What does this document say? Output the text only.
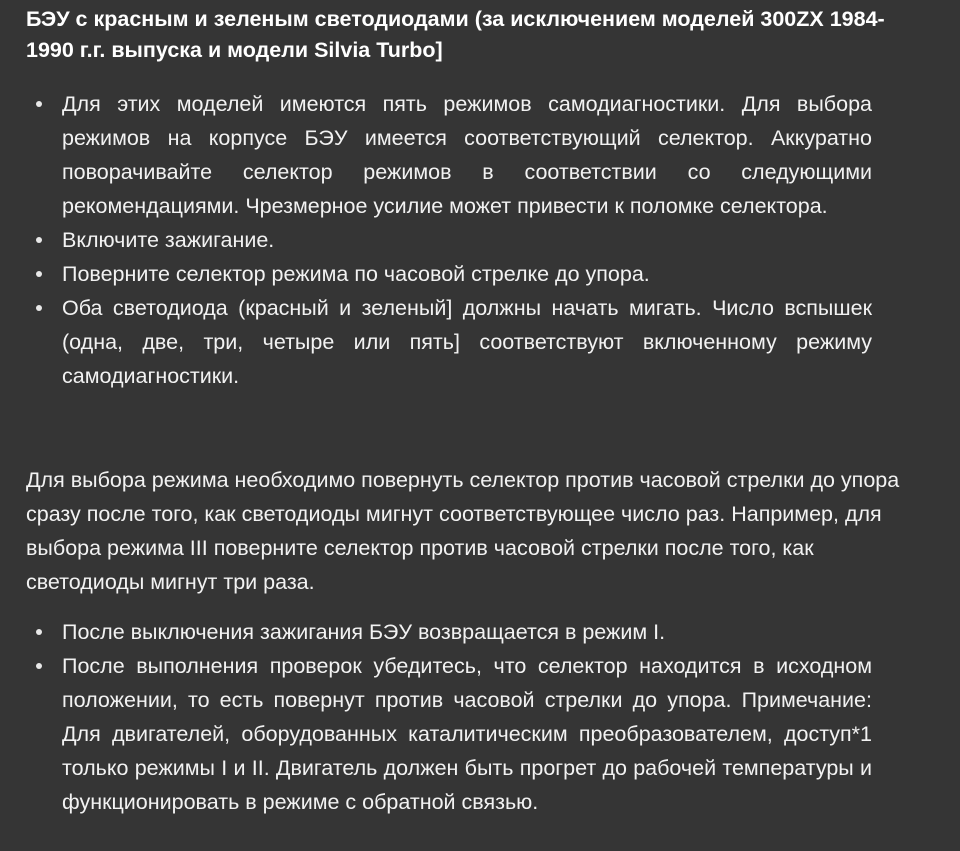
БЭУ с красным и зеленым светодиодами (за исключением моделей 300ZX 1984-1990 г.г. выпуска и модели Silvia Turbo]
Для этих моделей имеются пять режимов самодиагностики. Для выбора режимов на корпусе БЭУ имеется соответствующий селектор. Аккуратно поворачивайте селектор режимов в соответствии со следующими рекомендациями. Чрезмерное усилие может привести к поломке селектора.
Включите зажигание.
Поверните селектор режима по часовой стрелке до упора.
Оба светодиода (красный и зеленый] должны начать мигать. Число вспышек (одна, две, три, четыре или пять] соответствуют включенному режиму самодиагностики.

Для выбора режима необходимо повернуть селектор против часовой стрелки до упора сразу после того, как светодиоды мигнут соответствующее число раз. Например, для выбора режима III поверните селектор против часовой стрелки после того, как светодиоды мигнут три раза.

После выключения зажигания БЭУ возвращается в режим I.
После выполнения проверок убедитесь, что селектор находится в исходном положении, то есть повернут против часовой стрелки до упора. Примечание: Для двигателей, оборудованных каталитическим преобразователем, доступ*1 только режимы I и II. Двигатель должен быть прогрет до рабочей температуры и функционировать в режиме с обратной связью.
